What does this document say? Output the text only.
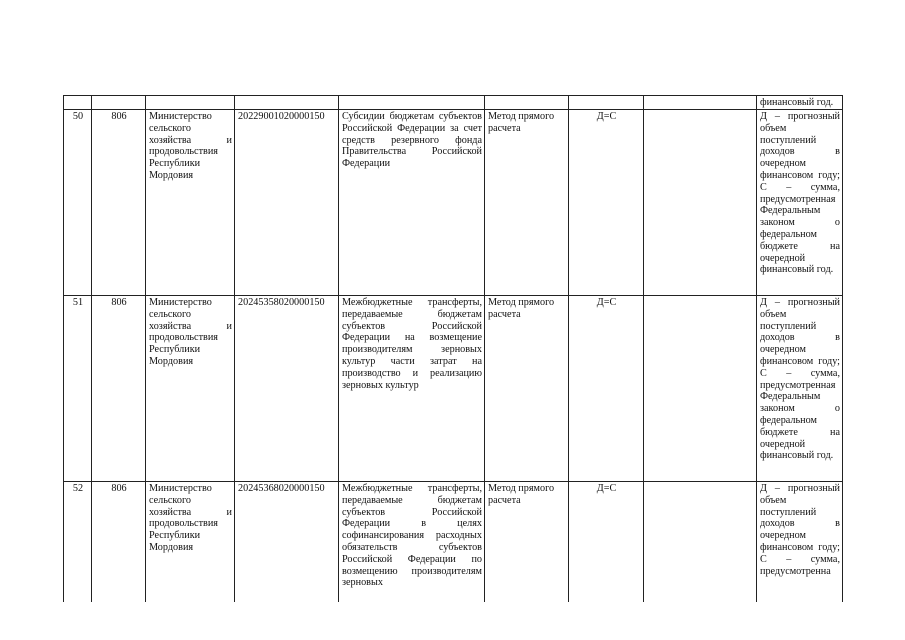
								финансовый год.
50	806	Министерство сельского хозяйства и продовольствия Республики Мордовия	20229001020000150	Субсидии бюджетам субъектов Российской Федерации за счет средств резервного фонда Правительства Российской Федерации	Метод прямого расчета	Д=С		Д – прогнозный объем поступлений доходов в очередном финансовом году; С – сумма, предусмотренная Федеральным законом о федеральном бюджете на очередной финансовый год.
51	806	Министерство сельского хозяйства и продовольствия Республики Мордовия	20245358020000150	Межбюджетные трансферты, передаваемые бюджетам субъектов Российской Федерации на возмещение производителям зерновых культур части затрат на производство и реализацию зерновых культур	Метод прямого расчета	Д=С		Д – прогнозный объем поступлений доходов в очередном финансовом году; С – сумма, предусмотренная Федеральным законом о федеральном бюджете на очередной финансовый год.
52	806	Министерство сельского хозяйства и продовольствия Республики Мордовия	20245368020000150	Межбюджетные трансферты, передаваемые бюджетам субъектов Российской Федерации в целях софинансирования расходных обязательств субъектов Российской Федерации по возмещению производителям зерновых	Метод прямого расчета	Д=С		Д – прогнозный объем поступлений доходов в очередном финансовом году; С – сумма, предусмотренна
